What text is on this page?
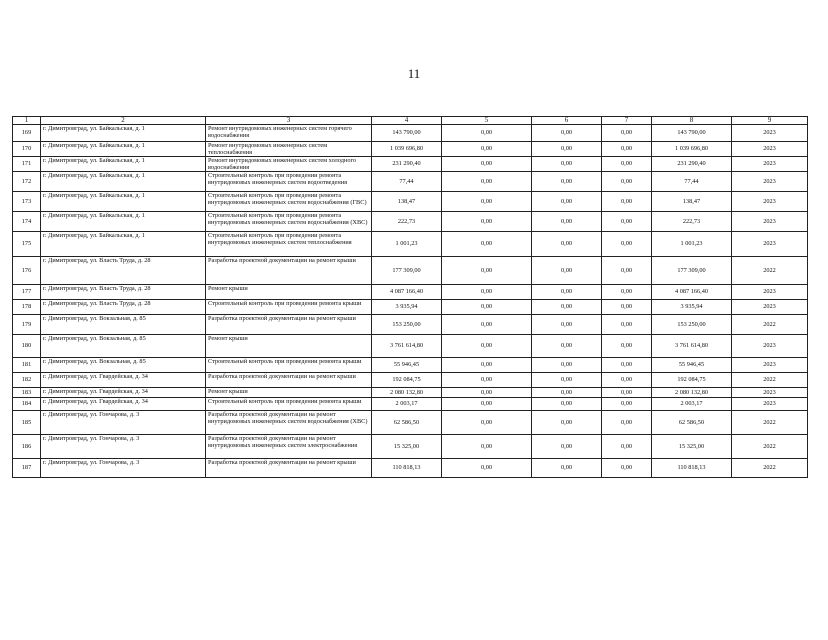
11
1	2	3	4	5	6	7	8	9
169	г. Димитровград, ул. Байкальская, д. 1	Ремонт внутридомовых инженерных систем горячего водоснабжения	143 790,00	0,00	0,00	0,00	143 790,00	2023
170	г. Димитровград, ул. Байкальская, д. 1	Ремонт внутридомовых инженерных систем теплоснабжения	1 039 696,80	0,00	0,00	0,00	1 039 696,80	2023
171	г. Димитровград, ул. Байкальская, д. 1	Ремонт внутридомовых инженерных систем холодного водоснабжения	231 290,40	0,00	0,00	0,00	231 290,40	2023
172	г. Димитровград, ул. Байкальская, д. 1	Строительный контроль при проведении ремонта внутридомовых инженерных систем водоотведения	77,44	0,00	0,00	0,00	77,44	2023
173	г. Димитровград, ул. Байкальская, д. 1	Строительный контроль при проведении ремонта внутридомовых инженерных систем водоснабжения (ГВС)	138,47	0,00	0,00	0,00	138,47	2023
174	г. Димитровград, ул. Байкальская, д. 1	Строительный контроль при проведении ремонта внутридомовых инженерных систем водоснабжения (ХВС)	222,73	0,00	0,00	0,00	222,73	2023
175	г. Димитровград, ул. Байкальская, д. 1	Строительный контроль при проведении ремонта внутридомовых инженерных систем теплоснабжения	1 001,23	0,00	0,00	0,00	1 001,23	2023
176	г. Димитровград, ул. Власть Труда, д. 28	Разработка проектной документации на ремонт крыши	177 309,00	0,00	0,00	0,00	177 309,00	2022
177	г. Димитровград, ул. Власть Труда, д. 28	Ремонт крыши	4 087 166,40	0,00	0,00	0,00	4 087 166,40	2023
178	г. Димитровград, ул. Власть Труда, д. 28	Строительный контроль при проведении ремонта крыши	3 935,94	0,00	0,00	0,00	3 935,94	2023
179	г. Димитровград, ул. Вокзальная, д. 85	Разработка проектной документации на ремонт крыши	153 250,00	0,00	0,00	0,00	153 250,00	2022
180	г. Димитровград, ул. Вокзальная, д. 85	Ремонт крыши	3 761 614,80	0,00	0,00	0,00	3 761 614,80	2023
181	г. Димитровград, ул. Вокзальная, д. 85	Строительный контроль при проведении ремонта крыши	55 946,45	0,00	0,00	0,00	55 946,45	2023
182	г. Димитровград, ул. Гвардейская, д. 34	Разработка проектной документации на ремонт крыши	192 084,75	0,00	0,00	0,00	192 084,75	2022
183	г. Димитровград, ул. Гвардейская, д. 34	Ремонт крыши	2 080 132,80	0,00	0,00	0,00	2 080 132,80	2023
184	г. Димитровград, ул. Гвардейская, д. 34	Строительный контроль при проведении ремонта крыши	2 003,17	0,00	0,00	0,00	2 003,17	2023
185	г. Димитровград, ул. Гончарова, д. 3	Разработка проектной документации на ремонт внутридомовых инженерных систем водоснабжения (ХВС)	62 586,50	0,00	0,00	0,00	62 586,50	2022
186	г. Димитровград, ул. Гончарова, д. 3	Разработка проектной документации на ремонт внутридомовых инженерных систем электроснабжения	15 325,00	0,00	0,00	0,00	15 325,00	2022
187	г. Димитровград, ул. Гончарова, д. 3	Разработка проектной документации на ремонт крыши	110 818,13	0,00	0,00	0,00	110 818,13	2022
